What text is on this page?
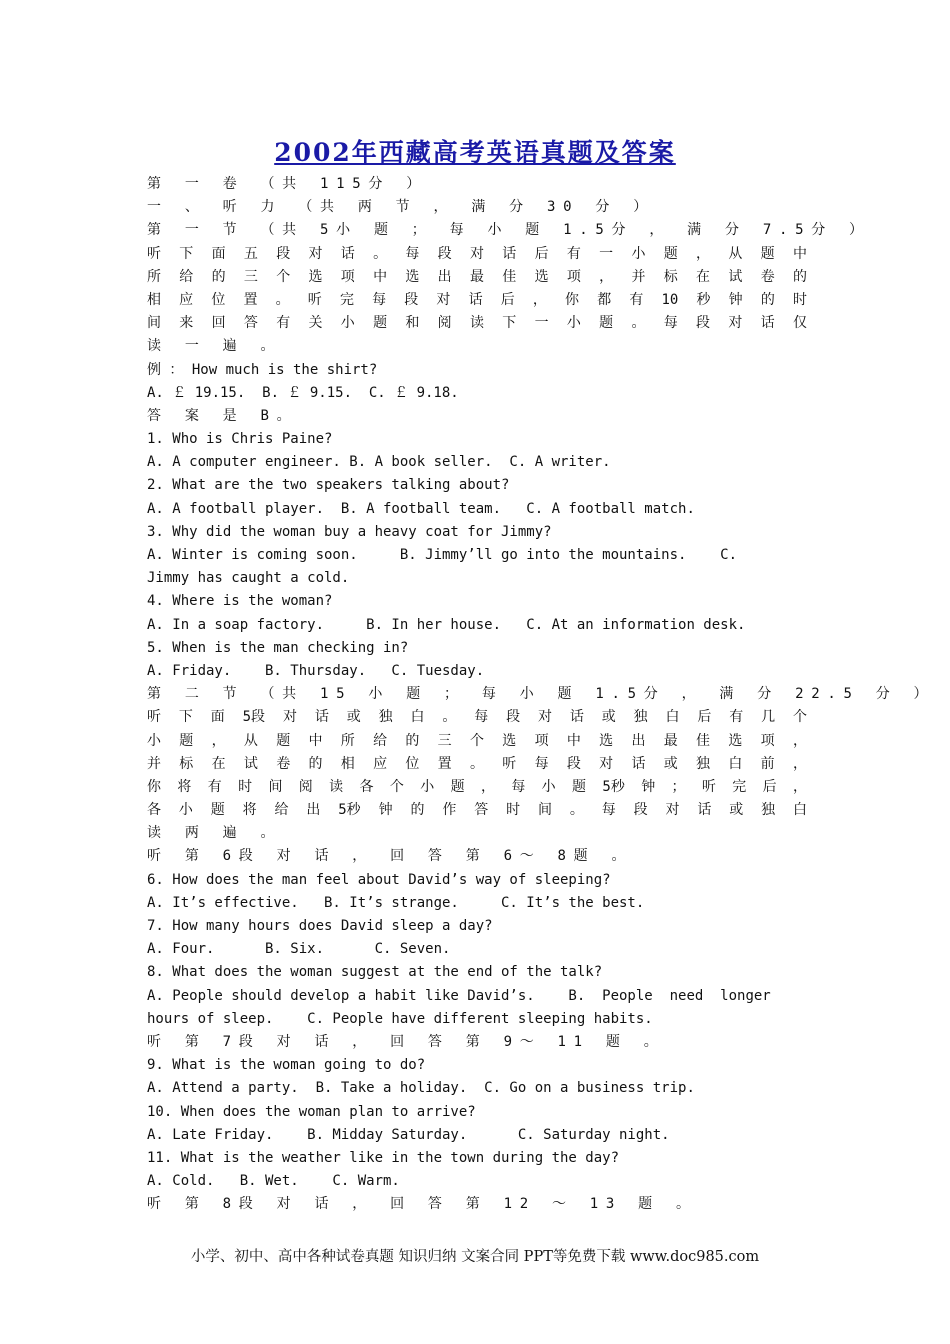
2002年西藏高考英语真题及答案
第 一 卷 （共 115分 ）
一 、 听 力 （共 两 节 ， 满 分 30 分 ）
第 一 节 （共 5小 题 ； 每 小 题 1.5分 ， 满 分 7.5分 ）
听 下 面 五 段 对 话 。 每 段 对 话 后 有 一 小 题 ， 从 题 中
所 给 的 三 个 选 项 中 选 出 最 佳 选 项 ， 并 标 在 试 卷 的
相 应 位 置 。 听 完 每 段 对 话 后 ， 你 都 有 10 秒 钟 的 时
间 来 回 答 有 关 小 题 和 阅 读 下 一 小 题 。 每 段 对 话 仅
读 一 遍 。
例 ： How much is the shirt?
A. ￡ 19.15.  B. ￡ 9.15.  C. ￡ 9.18.
答 案 是 B。
1. Who is Chris Paine?
A. A computer engineer. B. A book seller.  C. A writer.
2. What are the two speakers talking about?
A. A football player.  B. A football team.   C. A football match.
3. Why did the woman buy a heavy coat for Jimmy?
A. Winter is coming soon.     B. Jimmy’ll go into the mountains.    C.
Jimmy has caught a cold.
4. Where is the woman?
A. In a soap factory.     B. In her house.   C. At an information desk.
5. When is the man checking in?
A. Friday.    B. Thursday.   C. Tuesday.
第 二 节 （共 15 小 题 ； 每 小 题 1.5分 ， 满 分 22.5 分 ）
听 下 面 5段 对 话 或 独 白 。 每 段 对 话 或 独 白 后 有 几 个
小 题 ， 从 题 中 所 给 的 三 个 选 项 中 选 出 最 佳 选 项 ，
并 标 在 试 卷 的 相 应 位 置 。 听 每 段 对 话 或 独 白 前 ，
你 将 有 时 间 阅 读 各 个 小 题 ， 每 小 题 5秒 钟 ； 听 完 后 ，
各 小 题 将 给 出 5秒 钟 的 作 答 时 间 。 每 段 对 话 或 独 白
读 两 遍 。
听 第 6段 对 话 ， 回 答 第 6～ 8题 。
6. How does the man feel about David’s way of sleeping?
A. It’s effective.   B. It’s strange.     C. It’s the best.
7. How many hours does David sleep a day?
A. Four.      B. Six.      C. Seven.
8. What does the woman suggest at the end of the talk?
A. People should develop a habit like David’s.    B.  People  need  longer
hours of sleep.    C. People have different sleeping habits.
听 第 7段 对 话 ， 回 答 第 9～ 11 题 。
9. What is the woman going to do?
A. Attend a party.  B. Take a holiday.  C. Go on a business trip.
10. When does the woman plan to arrive?
A. Late Friday.    B. Midday Saturday.      C. Saturday night.
11. What is the weather like in the town during the day?
A. Cold.   B. Wet.    C. Warm.
听 第 8段 对 话 ， 回 答 第 12 ～ 13 题 。
小学、初中、高中各种试卷真题 知识归纳 文案合同 PPT等免费下载 www.doc985.com
